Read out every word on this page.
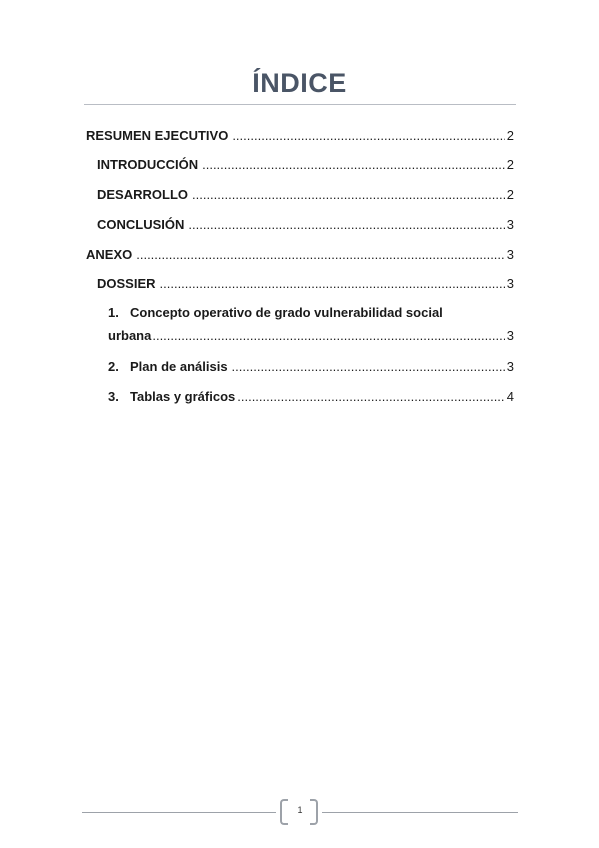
ÍNDICE
RESUMEN EJECUTIVO .....	2
INTRODUCCIÓN .....	2
DESARROLLO .....	2
CONCLUSIÓN .....	3
ANEXO .....	3
DOSSIER .....	3
1. Concepto operativo de grado vulnerabilidad social
urbana .....	3
2. Plan de análisis .....	3
3. Tablas y gráficos .....	4
1
